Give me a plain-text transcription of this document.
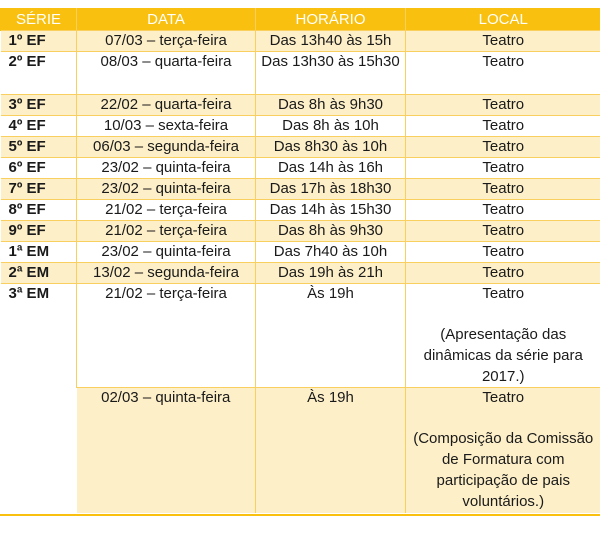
SÉRIE	DATA	HORÁRIO	LOCAL
1º EF	07/03 – terça-feira	Das 13h40 às 15h	Teatro
2º EF	08/03 – quarta-feira	Das 13h30 às 15h30	Teatro
3º EF	22/02 – quarta-feira	Das 8h às 9h30	Teatro
4º EF	10/03 – sexta-feira	Das 8h às 10h	Teatro
5º EF	06/03 – segunda-feira	Das 8h30 às 10h	Teatro
6º EF	23/02 – quinta-feira	Das 14h às 16h	Teatro
7º EF	23/02 – quinta-feira	Das 17h às 18h30	Teatro
8º EF	21/02 – terça-feira	Das 14h às 15h30	Teatro
9º EF	21/02 – terça-feira	Das 8h às 9h30	Teatro
1ª EM	23/02 – quinta-feira	Das 7h40 às 10h	Teatro
2ª EM	13/02 – segunda-feira	Das 19h às 21h	Teatro
3ª EM	21/02 – terça-feira	Às 19h	Teatro
(Apresentação das dinâmicas da série para 2017.)

	02/03 – quinta-feira	Às 19h	Teatro
(Composição da Comissão de Formatura com participação de pais voluntários.)
